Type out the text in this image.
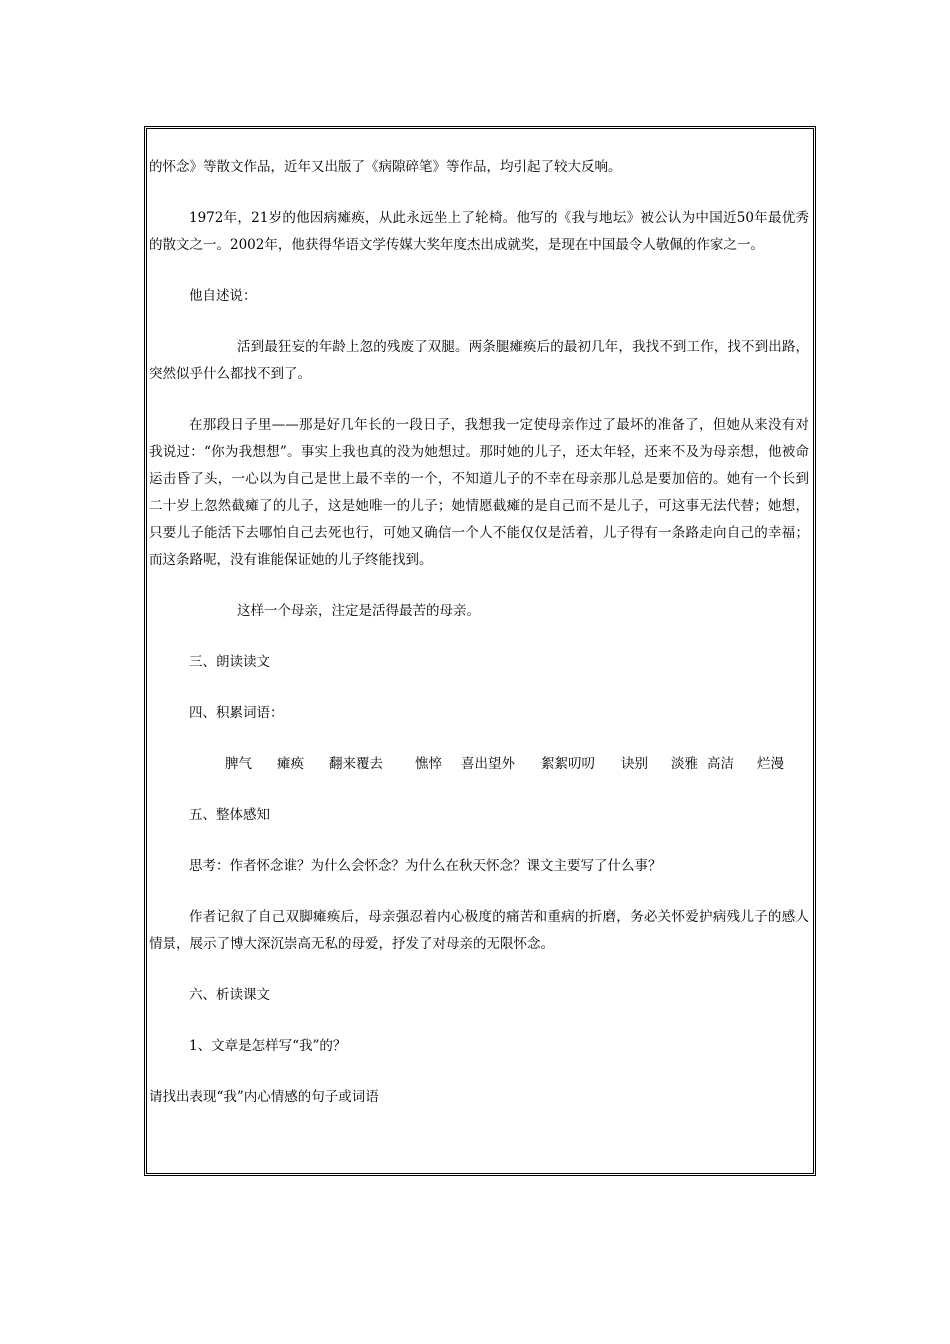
的怀念》等散文作品，近年又出版了《病隙碎笔》等作品，均引起了较大反响。

1972年，21岁的他因病瘫痪，从此永远坐上了轮椅。他写的《我与地坛》被公认为中国近50年最优秀的散文之一。2002年，他获得华语文学传媒大奖年度杰出成就奖，是现在中国最令人敬佩的作家之一。

他自述说：

活到最狂妄的年龄上忽的残废了双腿。两条腿瘫痪后的最初几年，我找不到工作，找不到出路，突然似乎什么都找不到了。

在那段日子里——那是好几年长的一段日子，我想我一定使母亲作过了最坏的准备了，但她从来没有对我说过：“你为我想想”。事实上我也真的没为她想过。那时她的儿子，还太年轻，还来不及为母亲想，他被命运击昏了头，一心以为自己是世上最不幸的一个，不知道儿子的不幸在母亲那儿总是要加倍的。她有一个长到二十岁上忽然截瘫了的儿子，这是她唯一的儿子；她情愿截瘫的是自己而不是儿子，可这事无法代替；她想，只要儿子能活下去哪怕自己去死也行，可她又确信一个人不能仅仅是活着，儿子得有一条路走向自己的幸福；而这条路呢，没有谁能保证她的儿子终能找到。

这样一个母亲，注定是活得最苦的母亲。

三、朗读读文

四、积累词语：

脾气	瘫痪	翻来覆去	憔悴	喜出望外	絮絮叨叨	诀别	淡雅 高洁	烂漫

五、整体感知

思考：作者怀念谁？为什么会怀念？为什么在秋天怀念？课文主要写了什么事？

作者记叙了自己双脚瘫痪后，母亲强忍着内心极度的痛苦和重病的折磨，务必关怀爱护病残儿子的感人情景，展示了博大深沉崇高无私的母爱，抒发了对母亲的无限怀念。

六、析读课文

1、文章是怎样写“我”的？

请找出表现“我”内心情感的句子或词语
